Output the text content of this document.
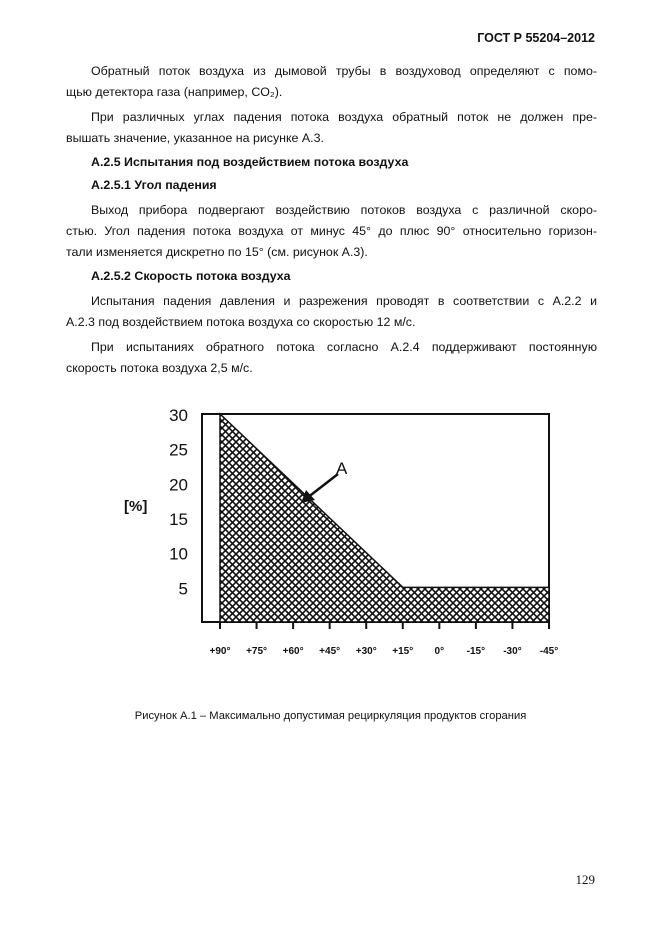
ГОСТ Р 55204–2012
Обратный поток воздуха из дымовой трубы в воздуховод определяют с помо-
щью детектора газа (например, CO₂).
При различных углах падения потока воздуха обратный поток не должен пре-
вышать значение, указанное на рисунке А.3.
А.2.5 Испытания под воздействием потока воздуха
А.2.5.1 Угол падения
Выход прибора подвергают воздействию потоков воздуха с различной скоро-
стью. Угол падения потока воздуха от минус 45° до плюс 90° относительно горизон-
тали изменяется дискретно по 15° (см. рисунок А.3).
А.2.5.2 Скорость потока воздуха
Испытания падения давления и разрежения проводят в соответствии с А.2.2 и
А.2.3 под воздействием потока воздуха со скоростью 12 м/с.
При испытаниях обратного потока согласно А.2.4 поддерживают постоянную
скорость потока воздуха 2,5 м/с.
5
10
15
20
25
30
+90° +75° +60° +45° +30° +15° 0° -15° -30° -45°
[%]
A
Рисунок А.1 – Максимально допустимая рециркуляция продуктов сгорания
129
